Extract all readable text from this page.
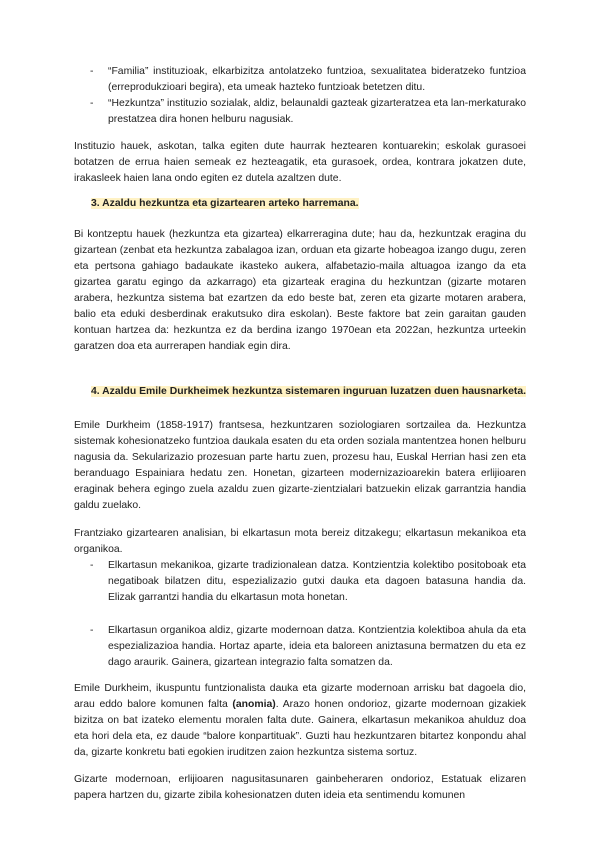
- “Familia” instituzioak, elkarbizitza antolatzeko funtzioa, sexualitatea bideratzeko funtzioa (erreprodukzioari begira), eta umeak hazteko funtzioak betetzen ditu.
- “Hezkuntza” instituzio sozialak, aldiz, belaunaldi gazteak gizarteratzea eta lan-merkaturako prestatzea dira honen helburu nagusiak.

Instituzio hauek, askotan, talka egiten dute haurrak heztearen kontuarekin; eskolak gurasoei botatzen de errua haien semeak ez hezteagatik, eta gurasoek, ordea, kontrara jokatzen dute, irakasleek haien lana ondo egiten ez dutela azaltzen dute.

3. Azaldu hezkuntza eta gizartearen arteko harremana.

Bi kontzeptu hauek (hezkuntza eta gizartea) elkarreragina dute; hau da, hezkuntzak eragina du gizartean (zenbat eta hezkuntza zabalagoa izan, orduan eta gizarte hobeagoa izango dugu, zeren eta pertsona gahiago badaukate ikasteko aukera, alfabetazio-maila altuagoa izango da eta gizartea garatu egingo da azkarrago) eta gizarteak eragina du hezkuntzan (gizarte motaren arabera, hezkuntza sistema bat ezartzen da edo beste bat, zeren eta gizarte motaren arabera, balio eta eduki desberdinak erakutsuko dira eskolan). Beste faktore bat zein garaitan gauden kontuan hartzea da: hezkuntza ez da berdina izango 1970ean eta 2022an, hezkuntza urteekin garatzen doa eta aurrerapen handiak egin dira.

4. Azaldu Emile Durkheimek hezkuntza sistemaren inguruan luzatzen duen hausnarketa.

Emile Durkheim (1858-1917) frantsesa, hezkuntzaren soziologiaren sortzailea da. Hezkuntza sistemak kohesionatzeko funtzioa daukala esaten du eta orden soziala mantentzea honen helburu nagusia da. Sekularizazio prozesuan parte hartu zuen, prozesu hau, Euskal Herrian hasi zen eta beranduago Espainiara hedatu zen. Honetan, gizarteen modernizazioarekin batera erlijioaren eraginak behera egingo zuela azaldu zuen gizarte-zientzialari batzuekin elizak garrantzia handia galdu zuelako.

Frantziako gizartearen analisian, bi elkartasun mota bereiz ditzakegu; elkartasun mekanikoa eta organikoa.

- Elkartasun mekanikoa, gizarte tradizionalean datza. Kontzientzia kolektibo positoboak eta negatiboak bilatzen ditu, espezializazio gutxi dauka eta dagoen batasuna handia da. Elizak garrantzi handia du elkartasun mota honetan.
- Elkartasun organikoa aldiz, gizarte modernoan datza. Kontzientzia kolektiboa ahula da eta espezializazioa handia. Hortaz aparte, ideia eta baloreen aniztasuna bermatzen du eta ez dago araurik. Gainera, gizartean integrazio falta somatzen da.

Emile Durkheim, ikuspuntu funtzionalista dauka eta gizarte modernoan arrisku bat dagoela dio, arau eddo balore komunen falta (anomia). Arazo honen ondorioz, gizarte modernoan gizakiek bizitza on bat izateko elementu moralen falta dute. Gainera, elkartasun mekanikoa ahulduz doa eta hori dela eta, ez daude “balore konpartituak”. Guzti hau hezkuntzaren bitartez konpondu ahal da, gizarte konkretu bati egokien iruditzen zaion hezkuntza sistema sortuz.

Gizarte modernoan, erlijioaren nagusitasunaren gainbeheraren ondorioz, Estatuak elizaren papera hartzen du, gizarte zibila kohesionatzen duten ideia eta sentimendu komunen
